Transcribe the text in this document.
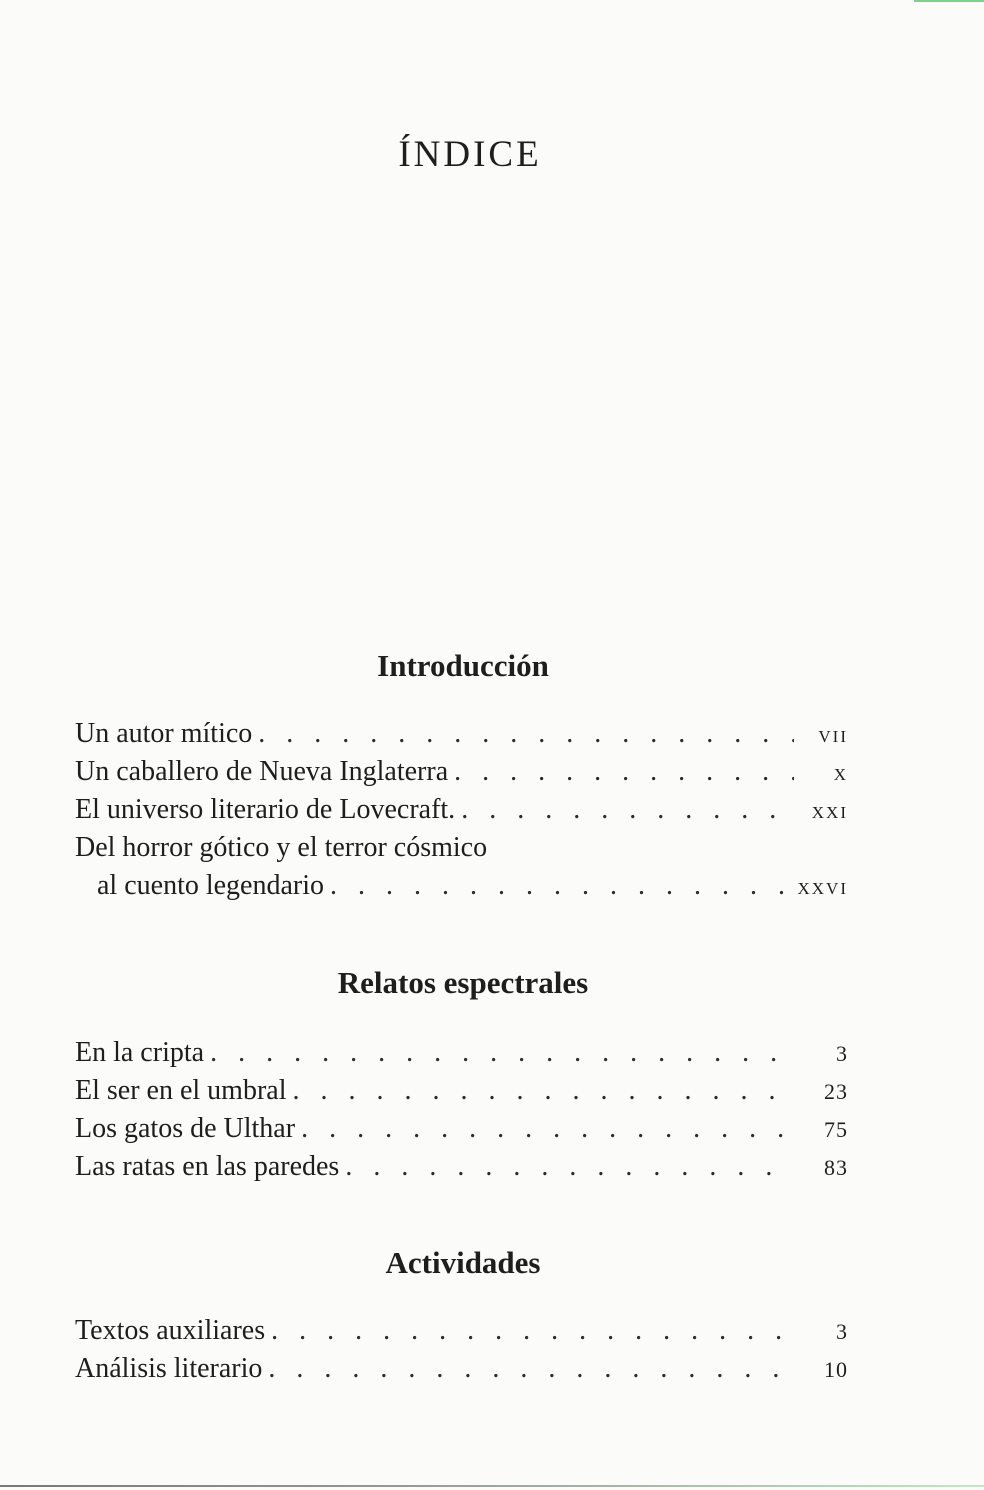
ÍNDICE
Introducción
Un autor mítico . . .	VII
Un caballero de Nueva Inglaterra . . .	X
El universo literario de Lovecraft. . . .	XXI
Del horror gótico y el terror cósmico
al cuento legendario . . .	XXVI
Relatos espectrales
En la cripta . . .	3
El ser en el umbral . . .	23
Los gatos de Ulthar . . .	75
Las ratas en las paredes . . .	83
Actividades
Textos auxiliares . . .	3
Análisis literario . . .	10
